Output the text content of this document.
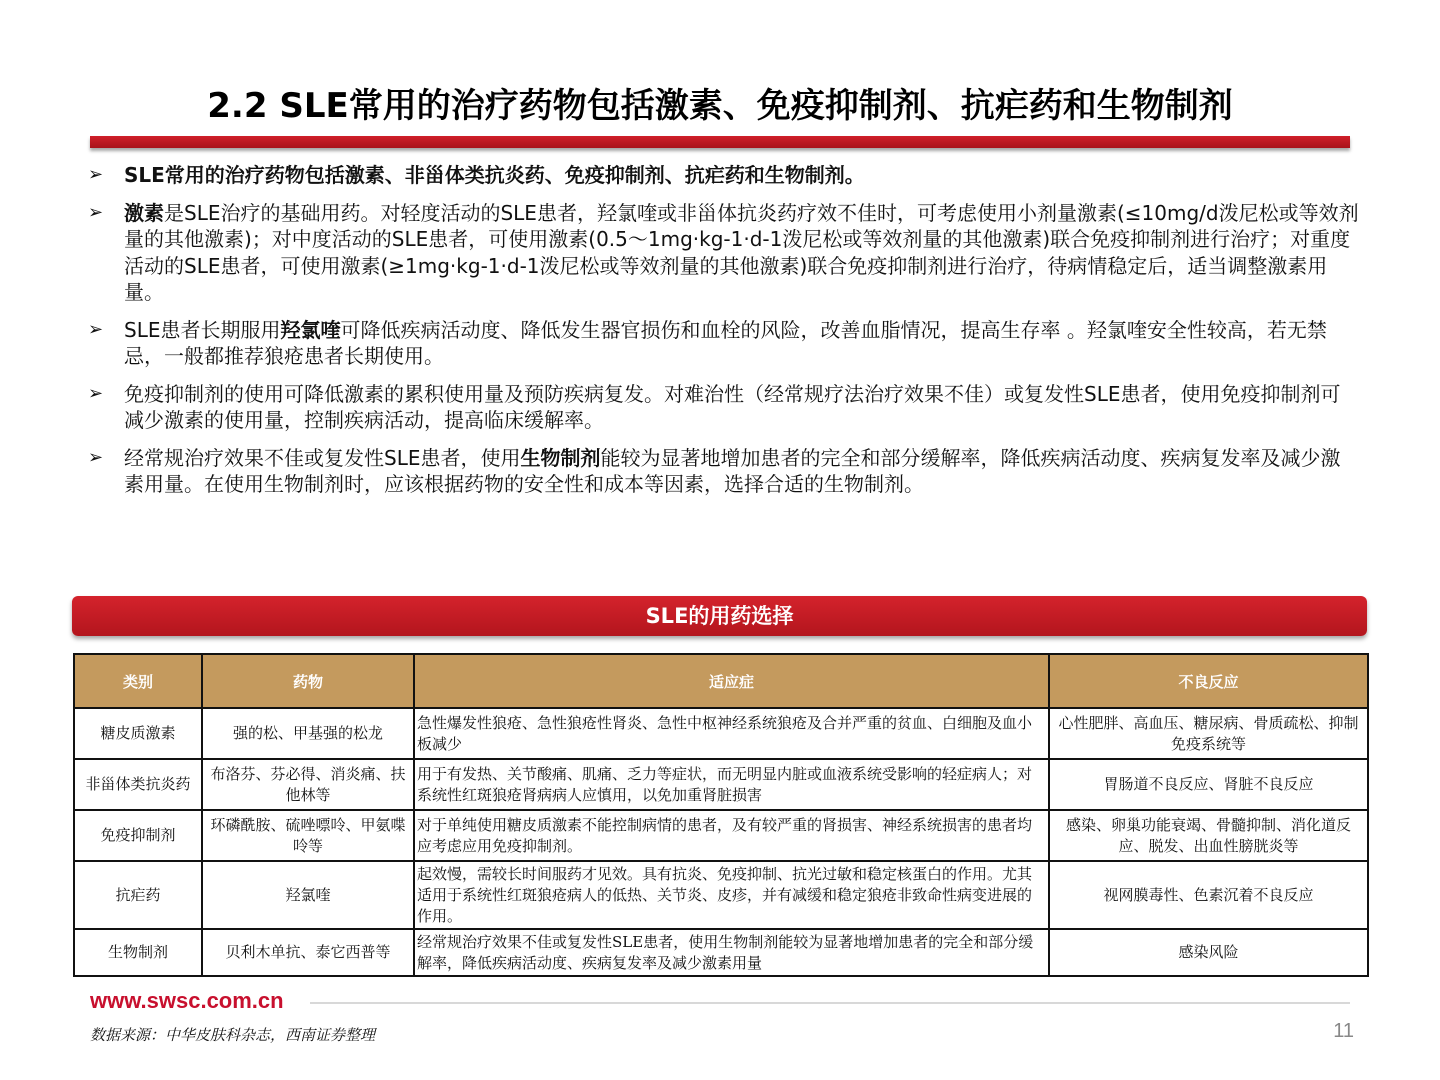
2.2 SLE常用的治疗药物包括激素、免疫抑制剂、抗疟药和生物制剂
➢ SLE常用的治疗药物包括激素、非甾体类抗炎药、免疫抑制剂、抗疟药和生物制剂。
➢ 激素是SLE治疗的基础用药。对轻度活动的SLE患者，羟氯喹或非甾体抗炎药疗效不佳时，可考虑使用小剂量激素(≤10mg/d泼尼松或等效剂量的其他激素)；对中度活动的SLE患者，可使用激素(0.5～1mg·kg-1·d-1泼尼松或等效剂量的其他激素)联合免疫抑制剂进行治疗；对重度活动的SLE患者，可使用激素(≥1mg·kg-1·d-1泼尼松或等效剂量的其他激素)联合免疫抑制剂进行治疗，待病情稳定后，适当调整激素用量。
➢ SLE患者长期服用羟氯喹可降低疾病活动度、降低发生器官损伤和血栓的风险，改善血脂情况，提高生存率 。羟氯喹安全性较高，若无禁忌，一般都推荐狼疮患者长期使用。
➢ 免疫抑制剂的使用可降低激素的累积使用量及预防疾病复发。对难治性（经常规疗法治疗效果不佳）或复发性SLE患者，使用免疫抑制剂可减少激素的使用量，控制疾病活动，提高临床缓解率。
➢ 经常规治疗效果不佳或复发性SLE患者，使用生物制剂能较为显著地增加患者的完全和部分缓解率，降低疾病活动度、疾病复发率及减少激素用量。在使用生物制剂时，应该根据药物的安全性和成本等因素，选择合适的生物制剂。
SLE的用药选择
类别	药物	适应症	不良反应
糖皮质激素	强的松、甲基强的松龙	急性爆发性狼疮、急性狼疮性肾炎、急性中枢神经系统狼疮及合并严重的贫血、白细胞及血小板减少	心性肥胖、高血压、糖尿病、骨质疏松、抑制免疫系统等
非甾体类抗炎药	布洛芬、芬必得、消炎痛、扶他林等	用于有发热、关节酸痛、肌痛、乏力等症状，而无明显内脏或血液系统受影响的轻症病人；对系统性红斑狼疮肾病病人应慎用，以免加重肾脏损害	胃肠道不良反应、肾脏不良反应
免疫抑制剂	环磷酰胺、硫唑嘌呤、甲氨喋呤等	对于单纯使用糖皮质激素不能控制病情的患者，及有较严重的肾损害、神经系统损害的患者均应考虑应用免疫抑制剂。	感染、卵巢功能衰竭、骨髓抑制、消化道反应、脱发、出血性膀胱炎等
抗疟药	羟氯喹	起效慢，需较长时间服药才见效。具有抗炎、免疫抑制、抗光过敏和稳定核蛋白的作用。尤其适用于系统性红斑狼疮病人的低热、关节炎、皮疹，并有减缓和稳定狼疮非致命性病变进展的作用。	视网膜毒性、色素沉着不良反应
生物制剂	贝利木单抗、泰它西普等	经常规治疗效果不佳或复发性SLE患者，使用生物制剂能较为显著地增加患者的完全和部分缓解率，降低疾病活动度、疾病复发率及减少激素用量	感染风险
www.swsc.com.cn
数据来源：中华皮肤科杂志，西南证券整理	11
